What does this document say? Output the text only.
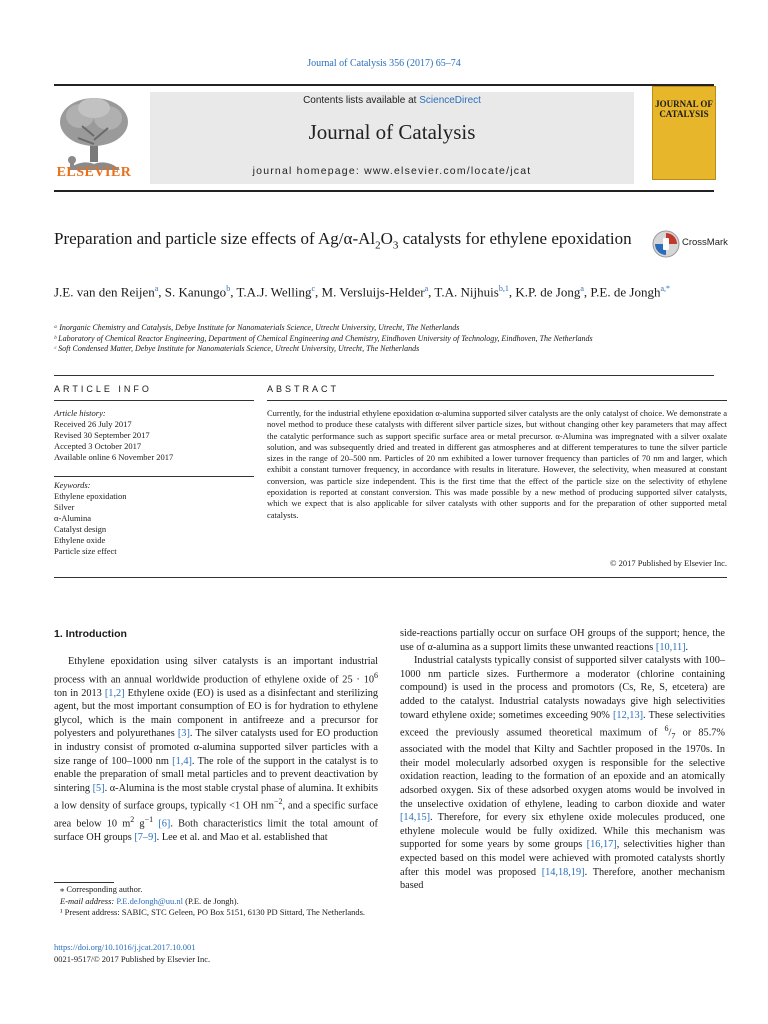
Journal of Catalysis 356 (2017) 65–74
ELSEVIER
Contents lists available at ScienceDirect
Journal of Catalysis
journal homepage: www.elsevier.com/locate/jcat
JOURNAL OF
CATALYSIS
Preparation and particle size effects of $Ag/\alpha-Al_2O_3$ catalysts for ethylene epoxidation	CrossMark
J.E. van den Reijen$^a$, S. Kanungo$^b$, T.A.J. Welling$^c$, M. Versluijs-Helder$^a$, T.A. Nijhuis$^{b,1}$, K.P. de Jong$^a$, P.E. de Jongh$^{a,*}$
ᵃ Inorganic Chemistry and Catalysis, Debye Institute for Nanomaterials Science, Utrecht University, Utrecht, The Netherlands
ᵇ Laboratory of Chemical Reactor Engineering, Department of Chemical Engineering and Chemistry, Eindhoven University of Technology, Eindhoven, The Netherlands
ᶜ Soft Condensed Matter, Debye Institute for Nanomaterials Science, Utrecht University, Utrecht, The Netherlands
ARTICLE INFO	ABSTRACT
Article history:
Received 26 July 2017
Revised 30 September 2017
Accepted 3 October 2017
Available online 6 November 2017
Keywords:
Ethylene epoxidation
Silver
α-Alumina
Catalyst design
Ethylene oxide
Particle size effect
Currently, for the industrial ethylene epoxidation α-alumina supported silver catalysts are the only catalyst of choice. We demonstrate a novel method to produce these catalysts with different silver particle sizes, but without changing other key parameters that may affect the catalytic performance such as support specific surface area or metal precursor. α-Alumina was impregnated with a silver oxalate solution, and was subsequently dried and treated in different gas atmospheres and at different temperatures to tune the silver particle sizes in the range of 20–500 nm. Particles of 20 nm exhibited a lower turnover frequency than particles of 70 nm and larger, which exhibit a constant turnover frequency, in accordance with results in literature. However, the selectivity, when measured at constant conversion, was particle size independent. This is the first time that the effect of the particle size on the selectivity of ethylene epoxidation is reported at constant conversion. This was made possible by a new method of producing supported silver catalysts, which we expect that is also applicable for silver catalysts with other supports and for the preparation of other supported metal catalysts.
© 2017 Published by Elsevier Inc.
1. Introduction

Ethylene epoxidation using silver catalysts is an important industrial process with an annual worldwide production of ethylene oxide of $25 \cdot 10^6$ ton in 2013 [1,2] Ethylene oxide (EO) is used as a disinfectant and sterilizing agent, but the most important consumption of EO is for hydration to ethylene glycol, which is the main component in antifreeze and a precursor for polyesters and polyurethanes [3]. The silver catalysts used for EO production in industry consist of promoted α-alumina supported silver particles with a size range of 100–1000 nm [1,4]. The role of the support in the catalyst is to enable the preparation of small metal particles and to prevent deactivation by sintering [5]. α-Alumina is the most stable crystal phase of alumina. It exhibits a low density of surface groups, typically <1 OH $nm^{-2}$, and a specific surface area below 10 $m^2$ $g^{-1}$ [6]. Both characteristics limit the total amount of surface OH groups [7–9]. Lee et al. and Mao et al. established that

side-reactions partially occur on surface OH groups of the support; hence, the use of α-alumina as a support limits these unwanted reactions [10,11].

Industrial catalysts typically consist of supported silver catalysts with 100–1000 nm particle sizes. Furthermore a moderator (chlorine containing compound) is used in the process and promotors (Cs, Re, S, etcetera) are added to the catalyst. Industrial catalysts nowadays give high selectivities toward ethylene oxide; sometimes exceeding 90% [12,13]. These selectivities exceed the previously assumed theoretical maximum of $^6/_7$ or 85.7% associated with the model that Kilty and Sachtler proposed in the 1970s. In their model molecularly adsorbed oxygen is responsible for the selective oxidation reaction, leading to the formation of an epoxide and an atomically adsorbed oxygen. Six of these adsorbed oxygen atoms would be involved in the unselective oxidation of ethylene, leading to carbon dioxide and water [14,15]. Therefore, for every six ethylene oxide molecules produced, one ethylene molecule would be fully oxidized. While this mechanism was supported for some years by some groups [16,17], selectivities higher than expected based on this model were achieved with promoted catalysts shortly after this model was proposed [14,18,19]. Therefore, another mechanism based

⁎ Corresponding author.
E-mail address: P.E.deJongh@uu.nl (P.E. de Jongh).
¹ Present address: SABIC, STC Geleen, PO Box 5151, 6130 PD Sittard, The Netherlands.
https://doi.org/10.1016/j.jcat.2017.10.001
0021-9517/© 2017 Published by Elsevier Inc.
